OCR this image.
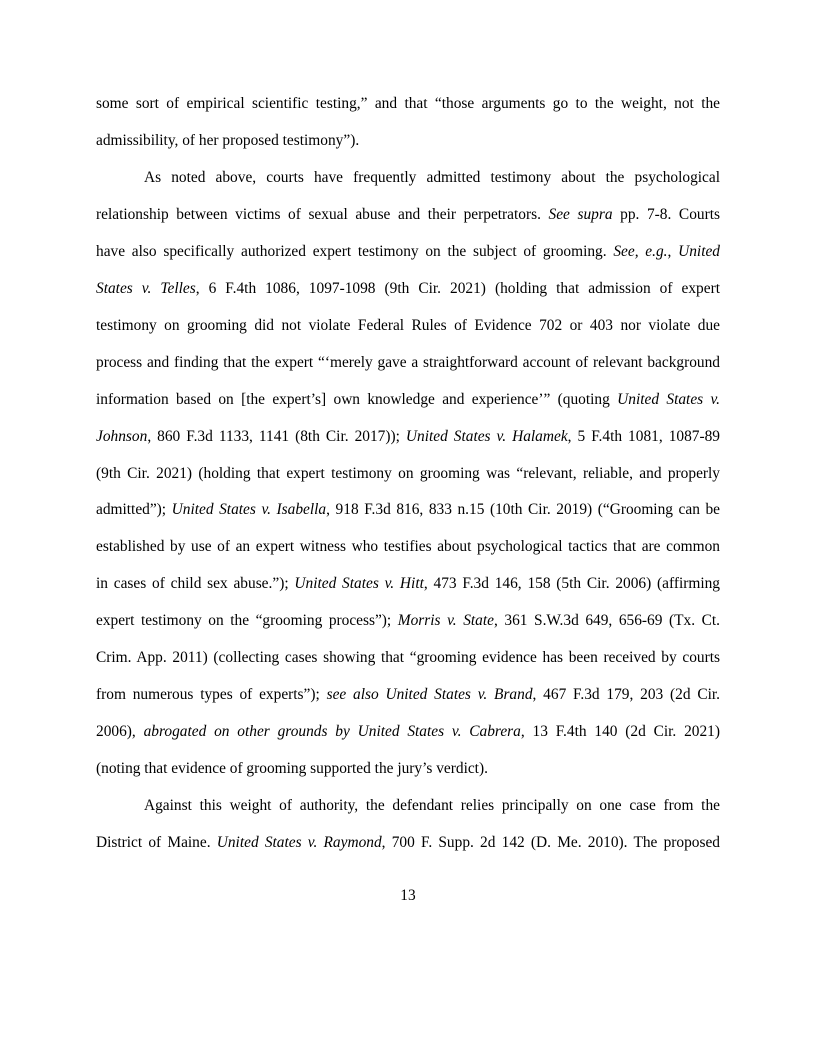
some sort of empirical scientific testing,” and that “those arguments go to the weight, not the
admissibility, of her proposed testimony”).
As noted above, courts have frequently admitted testimony about the psychological
relationship between victims of sexual abuse and their perpetrators. See supra pp. 7-8. Courts
have also specifically authorized expert testimony on the subject of grooming. See, e.g., United
States v. Telles, 6 F.4th 1086, 1097-1098 (9th Cir. 2021) (holding that admission of expert
testimony on grooming did not violate Federal Rules of Evidence 702 or 403 nor violate due
process and finding that the expert “‘merely gave a straightforward account of relevant background
information based on [the expert’s] own knowledge and experience’” (quoting United States v.
Johnson, 860 F.3d 1133, 1141 (8th Cir. 2017)); United States v. Halamek, 5 F.4th 1081, 1087-89
(9th Cir. 2021) (holding that expert testimony on grooming was “relevant, reliable, and properly
admitted”); United States v. Isabella, 918 F.3d 816, 833 n.15 (10th Cir. 2019) (“Grooming can be
established by use of an expert witness who testifies about psychological tactics that are common
in cases of child sex abuse.”); United States v. Hitt, 473 F.3d 146, 158 (5th Cir. 2006) (affirming
expert testimony on the “grooming process”); Morris v. State, 361 S.W.3d 649, 656-69 (Tx. Ct.
Crim. App. 2011) (collecting cases showing that “grooming evidence has been received by courts
from numerous types of experts”); see also United States v. Brand, 467 F.3d 179, 203 (2d Cir.
2006), abrogated on other grounds by United States v. Cabrera, 13 F.4th 140 (2d Cir. 2021)
(noting that evidence of grooming supported the jury’s verdict).
Against this weight of authority, the defendant relies principally on one case from the
District of Maine. United States v. Raymond, 700 F. Supp. 2d 142 (D. Me. 2010). The proposed
13
